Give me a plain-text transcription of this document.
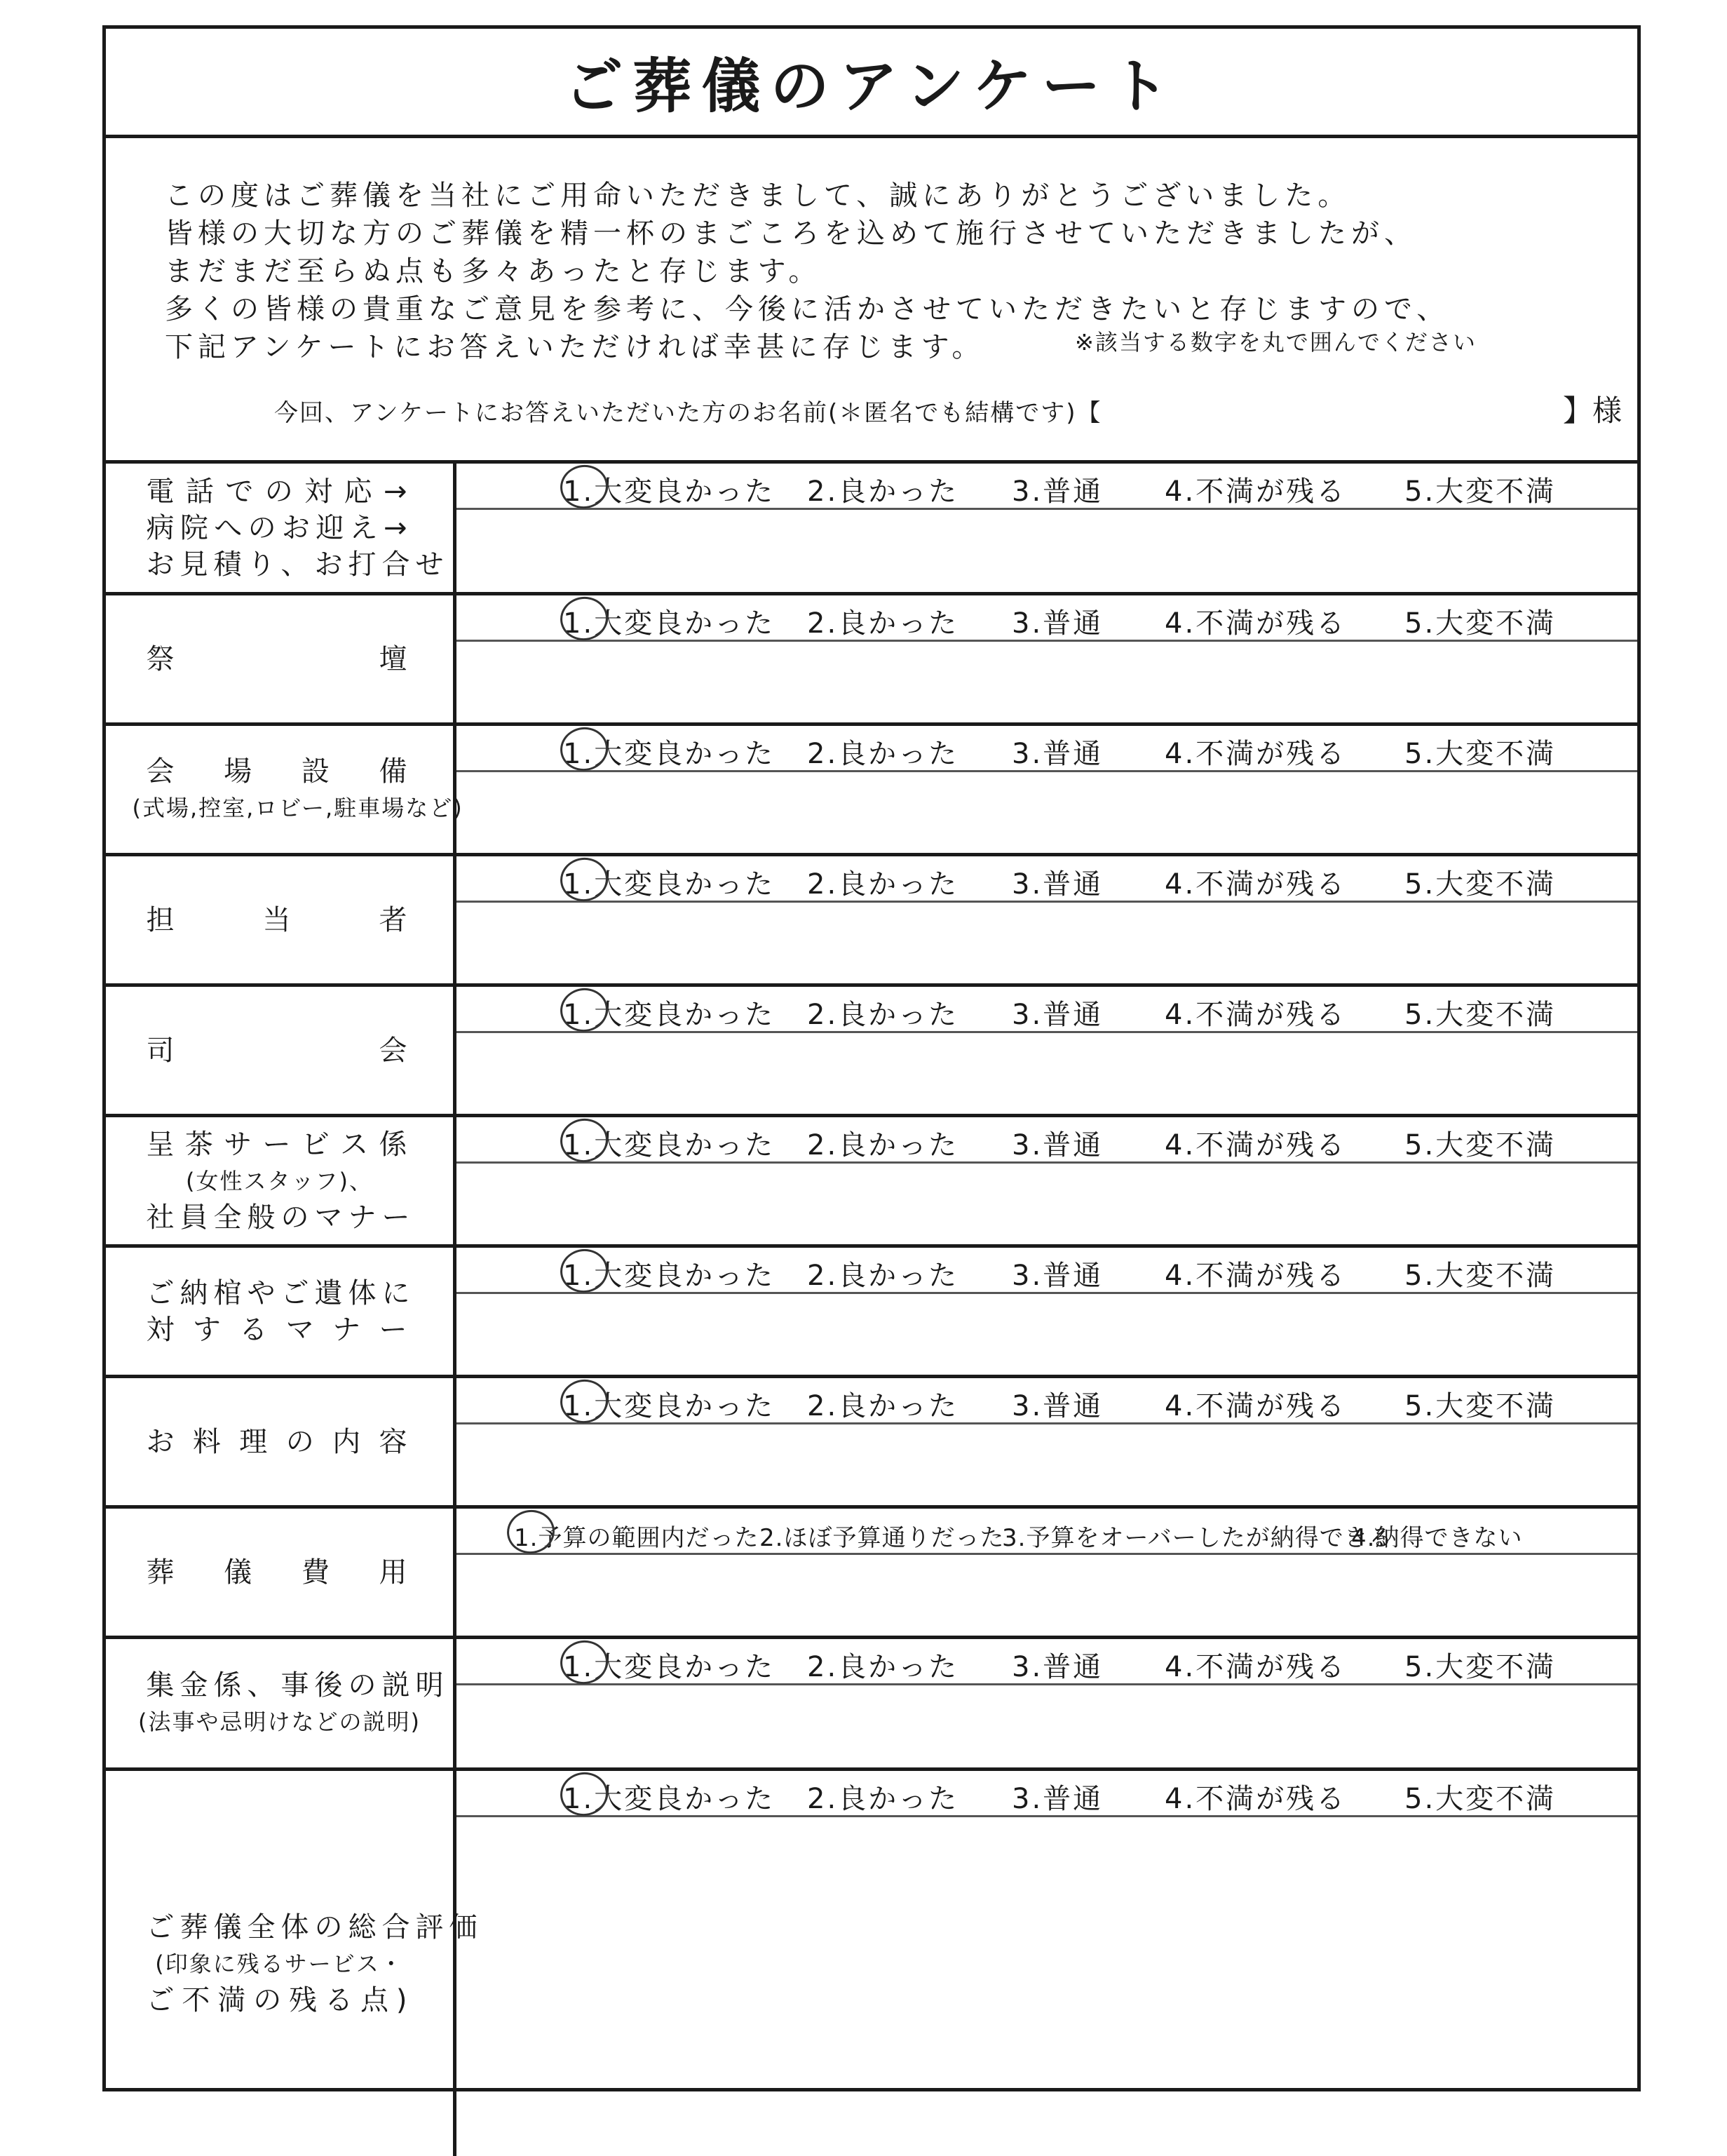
ご葬儀のアンケート
この度はご葬儀を当社にご用命いただきまして、誠にありがとうございました。
皆様の大切な方のご葬儀を精一杯のまごころを込めて施行させていただきましたが、
まだまだ至らぬ点も多々あったと存じます。
多くの皆様の貴重なご意見を参考に、今後に活かさせていただきたいと存じますので、
下記アンケートにお答えいただければ幸甚に存じます。	※該当する数字を丸で囲んでください
今回、アンケートにお答えいただいた方のお名前(＊匿名でも結構です)【	】様
電話での対応→
病院へのお迎え→
お見積り、お打合せ
1.大変良かった 2.良かった 3.普通 4.不満が残る 5.大変不満
祭　　　　　壇
1.大変良かった 2.良かった 3.普通 4.不満が残る 5.大変不満
会　場　設　備
(式場,控室,ロビー,駐車場など)
1.大変良かった 2.良かった 3.普通 4.不満が残る 5.大変不満
担　　当　　者
1.大変良かった 2.良かった 3.普通 4.不満が残る 5.大変不満
司　　　　　会
1.大変良かった 2.良かった 3.普通 4.不満が残る 5.大変不満
呈茶サービス係
(女性スタッフ)、
社員全般のマナー
1.大変良かった 2.良かった 3.普通 4.不満が残る 5.大変不満
ご納棺やご遺体に
対するマナー
1.大変良かった 2.良かった 3.普通 4.不満が残る 5.大変不満
お料理の内容
1.大変良かった 2.良かった 3.普通 4.不満が残る 5.大変不満
葬　儀　費　用
1.予算の範囲内だった 2.ほぼ予算通りだった
3.予算をオーバーしたが納得できる
4.納得できない
集金係、事後の説明
(法事や忌明けなどの説明)
1.大変良かった 2.良かった 3.普通 4.不満が残る 5.大変不満
ご葬儀全体の総合評価
(印象に残るサービス・
ご不満の残る点)
1.大変良かった 2.良かった 3.普通 4.不満が残る 5.大変不満
